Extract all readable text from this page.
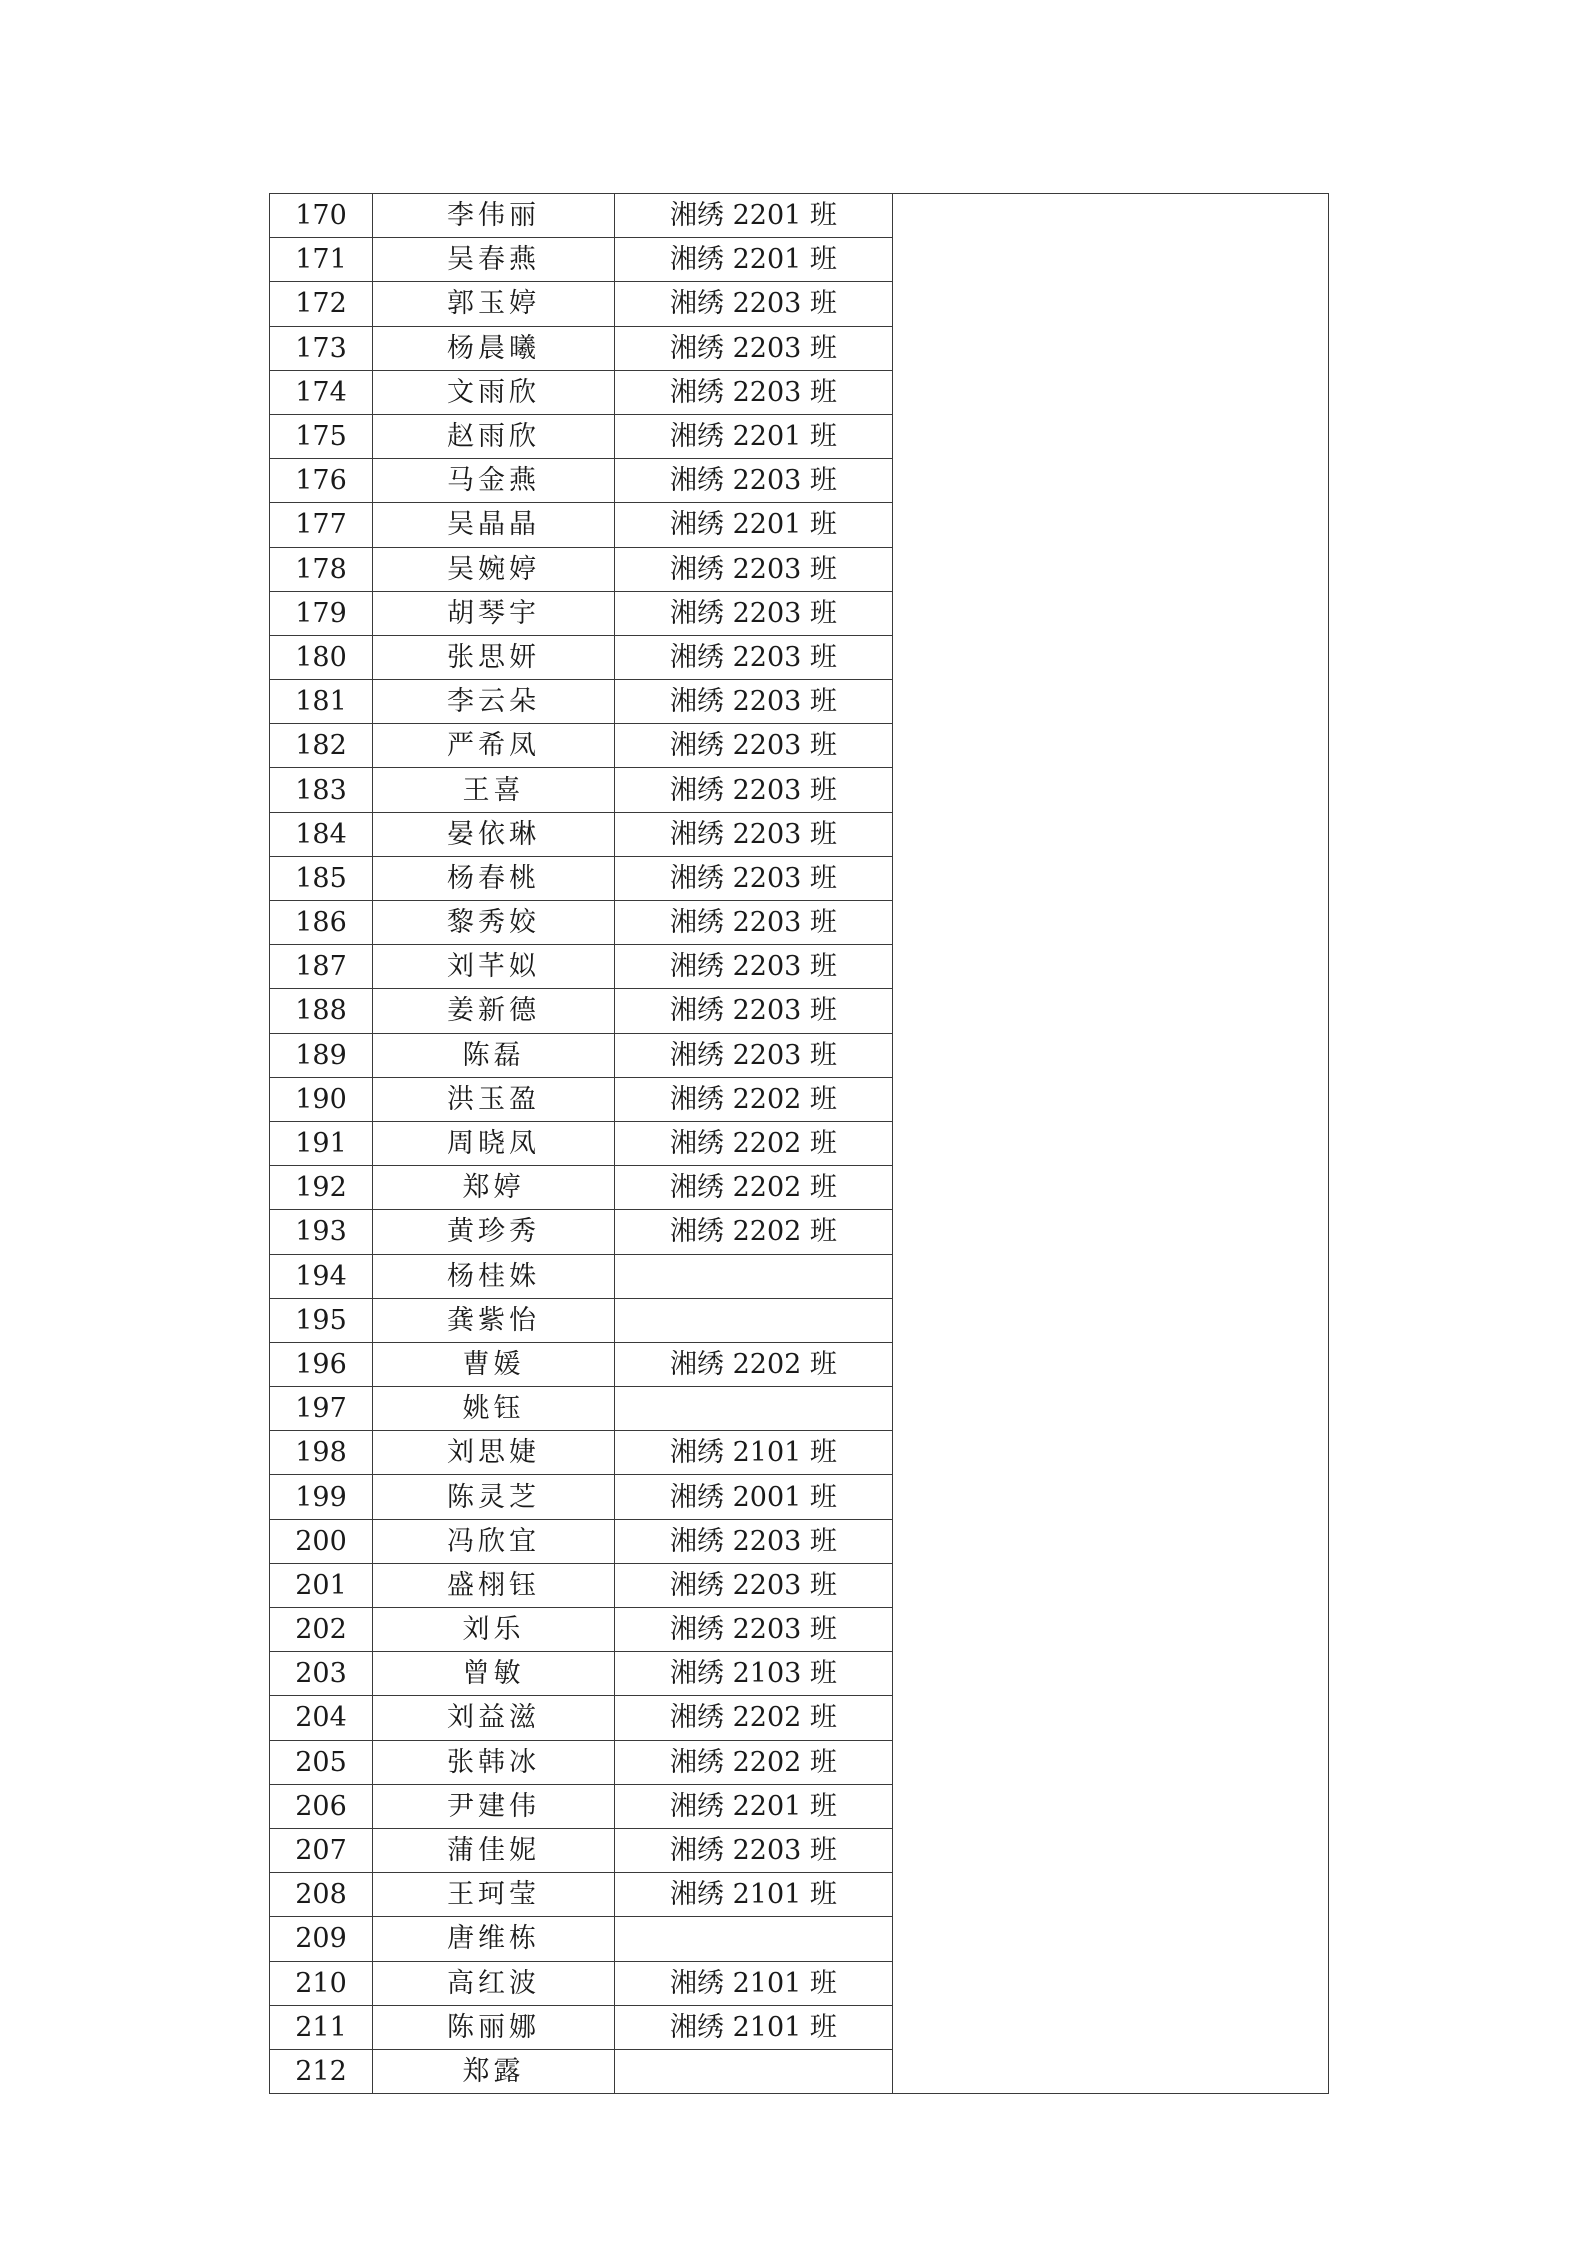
170	李伟丽	湘绣 2201 班	
171	吴春燕	湘绣 2201 班	
172	郭玉婷	湘绣 2203 班	
173	杨晨曦	湘绣 2203 班	
174	文雨欣	湘绣 2203 班	
175	赵雨欣	湘绣 2201 班	
176	马金燕	湘绣 2203 班	
177	吴晶晶	湘绣 2201 班	
178	吴婉婷	湘绣 2203 班	
179	胡琴宇	湘绣 2203 班	
180	张思妍	湘绣 2203 班	
181	李云朵	湘绣 2203 班	
182	严希凤	湘绣 2203 班	
183	王喜	湘绣 2203 班	
184	晏依琳	湘绣 2203 班	
185	杨春桃	湘绣 2203 班	
186	黎秀姣	湘绣 2203 班	
187	刘芊姒	湘绣 2203 班	
188	姜新德	湘绣 2203 班	
189	陈磊	湘绣 2203 班	
190	洪玉盈	湘绣 2202 班	
191	周晓凤	湘绣 2202 班	
192	郑婷	湘绣 2202 班	
193	黄珍秀	湘绣 2202 班	
194	杨桂姝		
195	龚紫怡		
196	曹媛	湘绣 2202 班	
197	姚钰		
198	刘思婕	湘绣 2101 班	
199	陈灵芝	湘绣 2001 班	
200	冯欣宜	湘绣 2203 班	
201	盛栩钰	湘绣 2203 班	
202	刘乐	湘绣 2203 班	
203	曾敏	湘绣 2103 班	
204	刘益滋	湘绣 2202 班	
205	张韩冰	湘绣 2202 班	
206	尹建伟	湘绣 2201 班	
207	蒲佳妮	湘绣 2203 班	
208	王珂莹	湘绣 2101 班	
209	唐维栋		
210	高红波	湘绣 2101 班	
211	陈丽娜	湘绣 2101 班	
212	郑露		
